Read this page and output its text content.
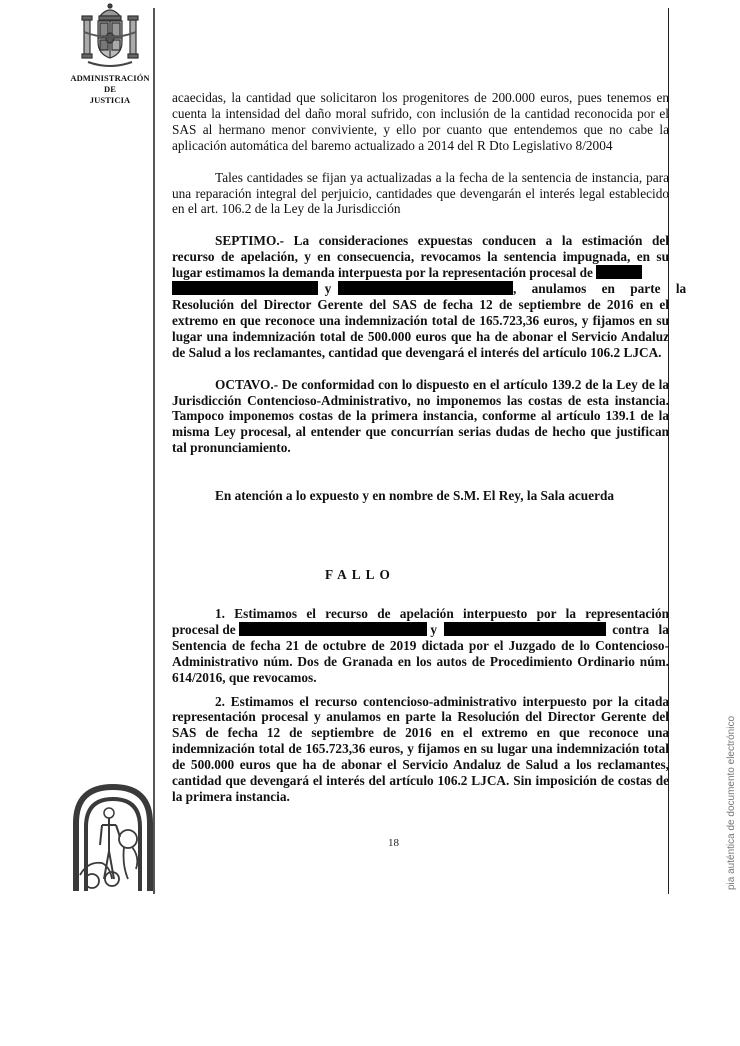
ADMINISTRACIÓN
DE
JUSTICIA	acaecidas, la cantidad que solicitaron los progenitores de 200.000 euros, pues tenemos en cuenta la intensidad del daño moral sufrido, con inclusión de la cantidad reconocida por el SAS al hermano menor conviviente, y ello por cuanto que entendemos que no cabe la aplicación automática del baremo actualizado a 2014 del R Dto Legislativo 8/2004

Tales cantidades se fijan ya actualizadas a la fecha de la sentencia de instancia, para una reparación integral del perjuicio, cantidades que devengarán el interés legal establecido en el art. 106.2 de la Ley de la Jurisdicción

SEPTIMO.- La consideraciones expuestas conducen a la estimación del

recurso de apelación, y en consecuencia, revocamos la sentencia impugnada, en su

lugar estimamos la demanda interpuesta por la representación procesal de

y	, anulamos en parte la

Resolución del Director Gerente del SAS de fecha 12 de septiembre de 2016 en el extremo en que reconoce una indemnización total de 165.723,36 euros, y fijamos en su lugar una indemnización total de 500.000 euros que ha de abonar el Servicio Andaluz de Salud a los reclamantes, cantidad que devengará el interés del artículo 106.2 LJCA.

OCTAVO.- De conformidad con lo dispuesto en el artículo 139.2 de la Ley de la Jurisdicción Contencioso-Administrativo, no imponemos las costas de esta instancia. Tampoco imponemos costas de la primera instancia, conforme al artículo 139.1 de la misma Ley procesal, al entender que concurrían serias dudas de hecho que justifican tal pronunciamiento.

En atención a lo expuesto y en nombre de S.M. El Rey, la Sala acuerda

FALLO

1. Estimamos el recurso de apelación interpuesto por la representación

procesal de	y	contra la

Sentencia de fecha 21 de octubre de 2019 dictada por el Juzgado de lo Contencioso-Administrativo núm. Dos de Granada en los autos de Procedimiento Ordinario núm. 614/2016, que revocamos.

2. Estimamos el recurso contencioso-administrativo interpuesto por la citada representación procesal y anulamos en parte la Resolución del Director Gerente del SAS de fecha 12 de septiembre de 2016 en el extremo en que reconoce una indemnización total de 165.723,36 euros, y fijamos en su lugar una indemnización total de 500.000 euros que ha de abonar el Servicio Andaluz de Salud a los reclamantes, cantidad que devengará el interés del artículo 106.2 LJCA. Sin imposición de costas de la primera instancia.

18	pia auténtica de documento electrónico
